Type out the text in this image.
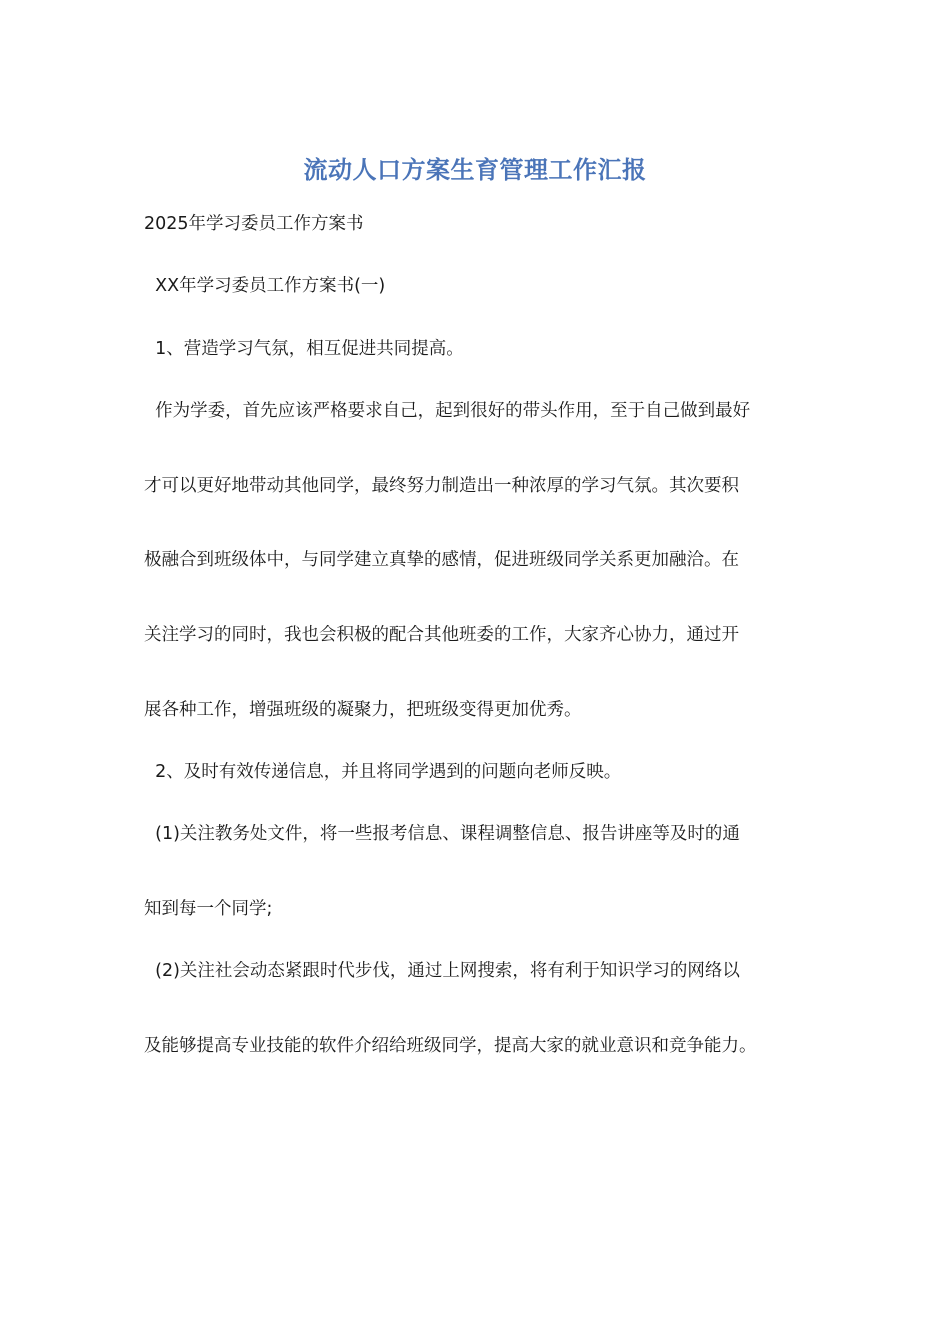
流动人口方案生育管理工作汇报
2025年学习委员工作方案书
XX年学习委员工作方案书(一)
1、营造学习气氛，相互促进共同提高。
作为学委，首先应该严格要求自己，起到很好的带头作用，至于自己做到最好
才可以更好地带动其他同学，最终努力制造出一种浓厚的学习气氛。其次要积
极融合到班级体中，与同学建立真挚的感情，促进班级同学关系更加融洽。在
关注学习的同时，我也会积极的配合其他班委的工作，大家齐心协力，通过开
展各种工作，增强班级的凝聚力，把班级变得更加优秀。
2、及时有效传递信息，并且将同学遇到的问题向老师反映。
(1)关注教务处文件，将一些报考信息、课程调整信息、报告讲座等及时的通
知到每一个同学;
(2)关注社会动态紧跟时代步伐，通过上网搜索，将有利于知识学习的网络以
及能够提高专业技能的软件介绍给班级同学，提高大家的就业意识和竞争能力。
